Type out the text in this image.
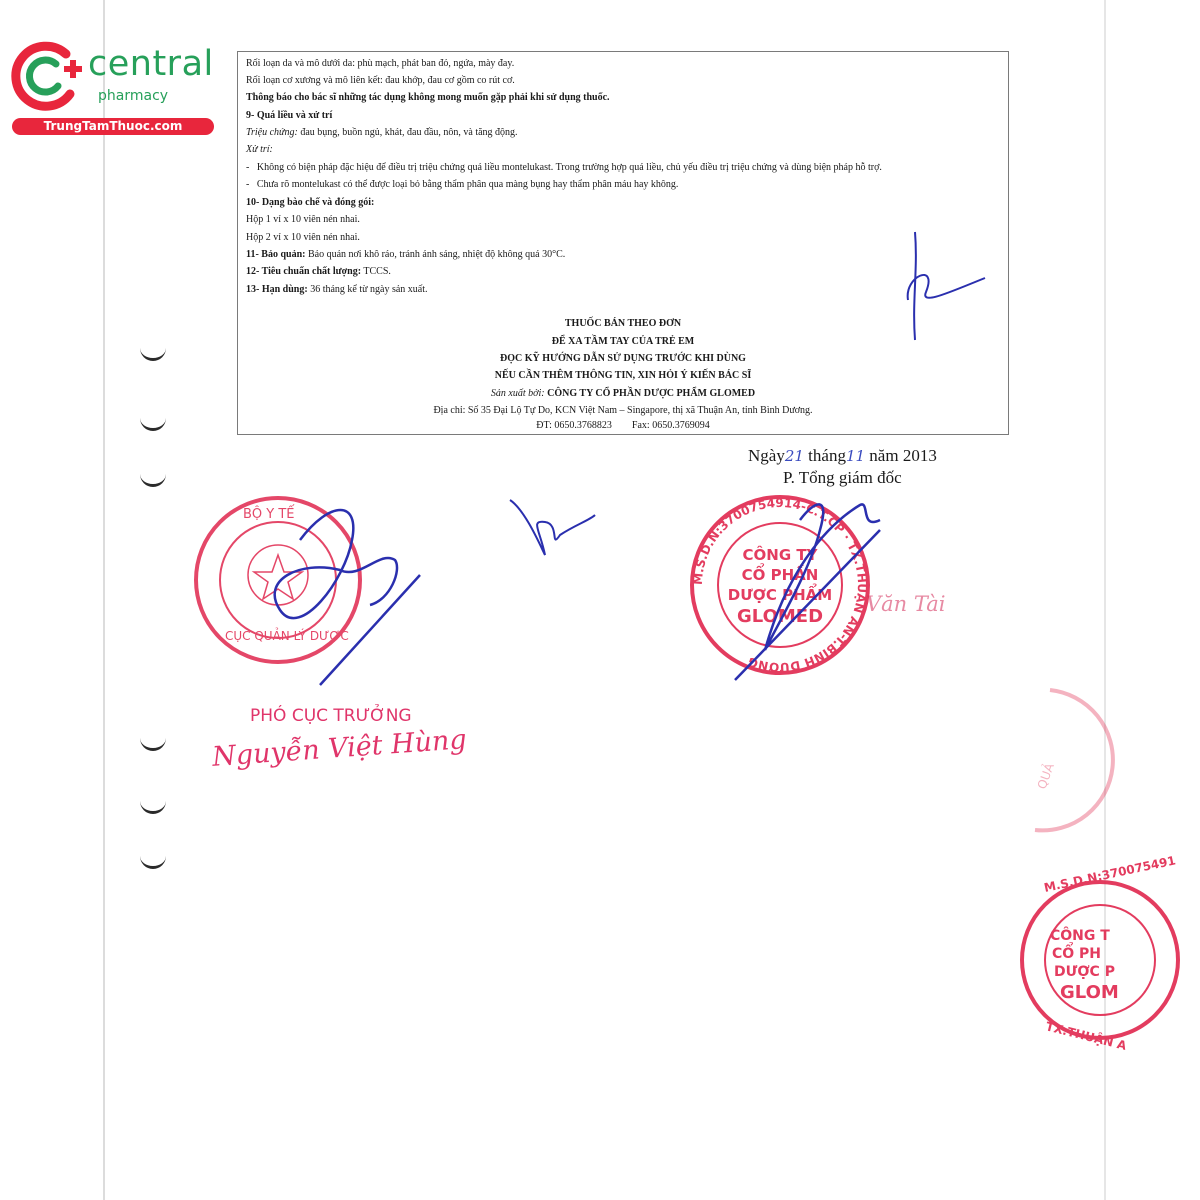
central
pharmacy
TrungTamThuoc.com
Rối loạn da và mô dưới da: phù mạch, phát ban đỏ, ngứa, mày đay.
Rối loạn cơ xương và mô liên kết: đau khớp, đau cơ gồm co rút cơ.
Thông báo cho bác sĩ những tác dụng không mong muốn gặp phải khi sử dụng thuốc.
9- Quá liều và xử trí
Triệu chứng: đau bụng, buồn ngủ, khát, đau đầu, nôn, và tăng động.
Xử trí:
-   Không có biện pháp đặc hiệu để điều trị triệu chứng quá liều montelukast. Trong trường hợp quá liều, chủ yếu điều trị triệu chứng và dùng biện pháp hỗ trợ.
-   Chưa rõ montelukast có thể được loại bỏ bằng thẩm phân qua màng bụng hay thẩm phân máu hay không.
10- Dạng bào chế và đóng gói:
Hộp 1 vỉ x 10 viên nén nhai.
Hộp 2 vỉ x 10 viên nén nhai.
11- Bảo quản: Bảo quản nơi khô ráo, tránh ánh sáng, nhiệt độ không quá 30°C.
12- Tiêu chuẩn chất lượng: TCCS.
13- Hạn dùng: 36 tháng kể từ ngày sản xuất.
THUỐC BÁN THEO ĐƠN
ĐỂ XA TẦM TAY CỦA TRẺ EM
ĐỌC KỸ HƯỚNG DẪN SỬ DỤNG TRƯỚC KHI DÙNG
NẾU CẦN THÊM THÔNG TIN, XIN HỎI Ý KIẾN BÁC SĨ
Sản xuất bởi: CÔNG TY CỔ PHẦN DƯỢC PHẨM GLOMED
Địa chỉ: Số 35 Đại Lộ Tự Do, KCN Việt Nam – Singapore, thị xã Thuận An, tỉnh Bình Dương.
ĐT: 0650.3768823 Fax: 0650.3769094
Ngày21 tháng11 năm 2013
P. Tổng giám đốc
PHÓ CỤC TRƯỞNG
Nguyễn Việt Hùng
Văn Tài
BỘ Y TẾ
CỤC QUẢN LÝ DƯỢC
M.S.D.N:3700754914-C.T.CP · TX.THUẬN AN-T.BÌNH DƯƠNG
CÔNG TY
CỔ PHẦN
DƯỢC PHẨM
GLOMED
M.S.D.N:370075491
CÔNG T
CỔ PH
DƯỢC P
GLOM
TX.THUẬN A
QUẢ
